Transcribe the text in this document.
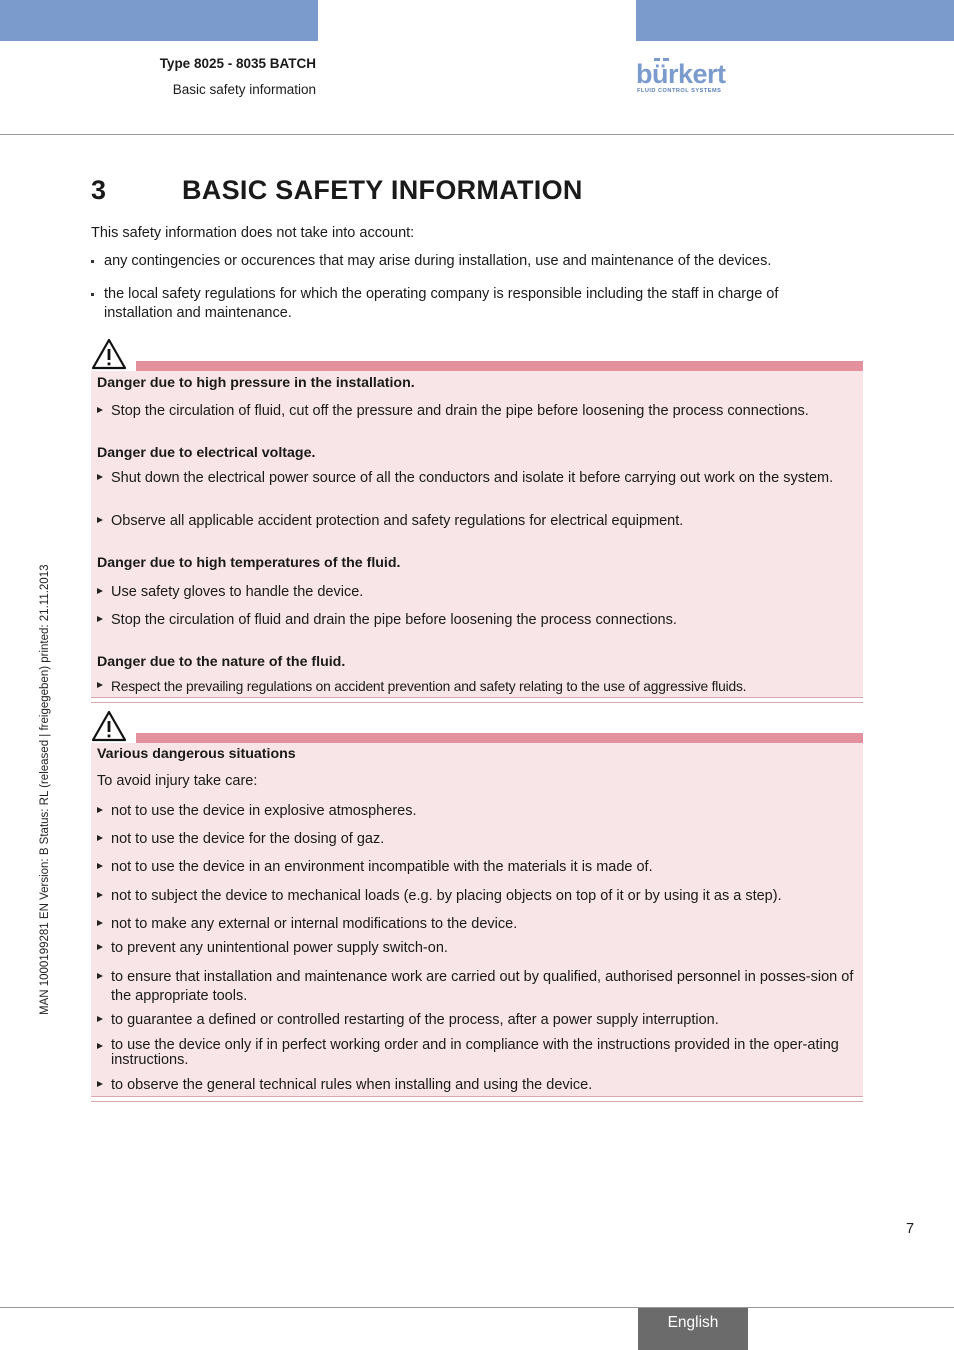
Type 8025 - 8035 BATCH
Basic safety information
bürkert
FLUID CONTROL SYSTEMS
MAN 1000199281 EN Version: B Status: RL (released | freigegeben) printed: 21.11.2013
3	BASIC SAFETY INFORMATION
This safety information does not take into account:
any contingencies or occurences that may arise during installation, use and maintenance of the devices.
the local safety regulations for which the operating company is responsible including the staff in charge of installation and maintenance.
Danger due to high pressure in the installation.
Stop the circulation of fluid, cut off the pressure and drain the pipe before loosening the process connections.
Danger due to electrical voltage.
Shut down the electrical power source of all the conductors and isolate it before carrying out work on the system.
Observe all applicable accident protection and safety regulations for electrical equipment.
Danger due to high temperatures of the fluid.
Use safety gloves to handle the device.
Stop the circulation of fluid and drain the pipe before loosening the process connections.
Danger due to the nature of the fluid.
Respect the prevailing regulations on accident prevention and safety relating to the use of aggressive fluids.
Various dangerous situations
To avoid injury take care:
not to use the device in explosive atmospheres.
not to use the device for the dosing of gaz.
not to use the device in an environment incompatible with the materials it is made of.
not to subject the device to mechanical loads (e.g. by placing objects on top of it or by using it as a step).
not to make any external or internal modifications to the device.
to prevent any unintentional power supply switch-on.
to ensure that installation and maintenance work are carried out by qualified, authorised personnel in posses-sion of the appropriate tools.
to guarantee a defined or controlled restarting of the process, after a power supply interruption.
to use the device only if in perfect working order and in compliance with the instructions provided in the oper-ating instructions.
to observe the general technical rules when installing and using the device.
7
English
